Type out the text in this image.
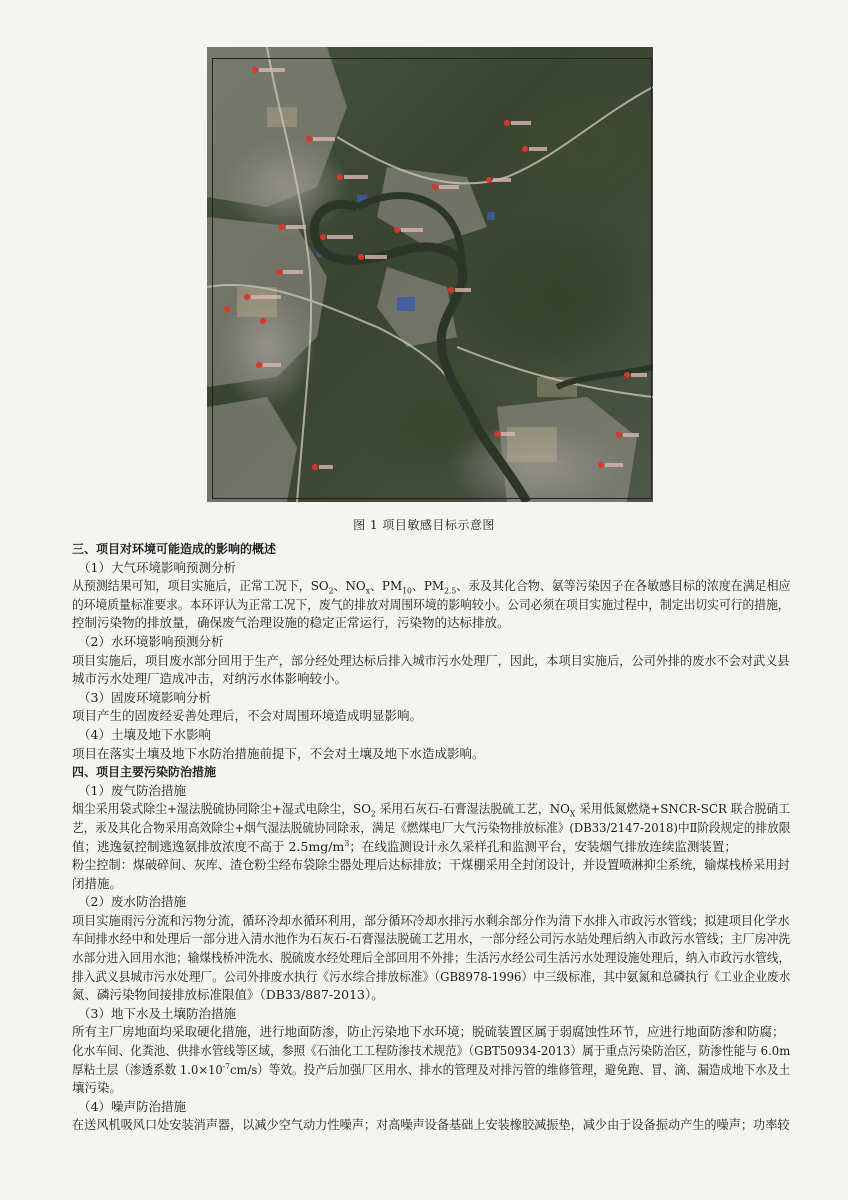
图 1 项目敏感目标示意图
三、项目对环境可能造成的影响的概述
（1）大气环境影响预测分析
从预测结果可知，项目实施后，正常工况下，$SO_2$、$NO_x$、$PM_{10}$、$PM_{2.5}$、汞及其化合物、氨等污染因子在各敏感目标的浓度在满足相应
的环境质量标准要求。本环评认为正常工况下，废气的排放对周围环境的影响较小。公司必须在项目实施过程中，制定出切实可行的措施，
控制污染物的排放量，确保废气治理设施的稳定正常运行，污染物的达标排放。
（2）水环境影响预测分析
项目实施后，项目废水部分回用于生产，部分经处理达标后排入城市污水处理厂，因此，本项目实施后，公司外排的废水不会对武义县
城市污水处理厂造成冲击，对纳污水体影响较小。
（3）固废环境影响分析
项目产生的固废经妥善处理后，不会对周围环境造成明显影响。
（4）土壤及地下水影响
项目在落实土壤及地下水防治措施前提下，不会对土壤及地下水造成影响。
四、项目主要污染防治措施
（1）废气防治措施
烟尘采用袋式除尘+湿法脱硫协同除尘+湿式电除尘，$SO_2$ 采用石灰石-石膏湿法脱硫工艺，$NO_X$ 采用低氮燃烧+SNCR-SCR 联合脱硝工
艺，汞及其化合物采用高效除尘+烟气湿法脱硫协同除汞，满足《燃煤电厂大气污染物排放标准》(DB33/2147-2018)中Ⅱ阶段规定的排放限
值；逃逸氨控制逃逸氨排放浓度不高于 $2.5mg/m^3$；在线监测设计永久采样孔和监测平台，安装烟气排放连续监测装置；
粉尘控制：煤破碎间、灰库、渣仓粉尘经布袋除尘器处理后达标排放；干煤棚采用全封闭设计，并设置喷淋抑尘系统，输煤栈桥采用封
闭措施。
（2）废水防治措施
项目实施雨污分流和污物分流，循环冷却水循环利用，部分循环冷却水排污水剩余部分作为清下水排入市政污水管线；拟建项目化学水
车间排水经中和处理后一部分进入清水池作为石灰石-石膏湿法脱硫工艺用水，一部分经公司污水站处理后纳入市政污水管线；主厂房冲洗
水部分进入回用水池；输煤栈桥冲洗水、脱硫废水经处理后全部回用不外排；生活污水经公司生活污水处理设施处理后，纳入市政污水管线，
排入武义县城市污水处理厂。公司外排废水执行《污水综合排放标准》（GB8978-1996）中三级标准，其中氨氮和总磷执行《工业企业废水
氮、磷污染物间接排放标准限值》（DB33/887-2013）。
（3）地下水及土壤防治措施
所有主厂房地面均采取硬化措施，进行地面防渗，防止污染地下水环境；脱硫装置区属于弱腐蚀性环节，应进行地面防渗和防腐；
化水车间、化粪池、供排水管线等区域，参照《石油化工工程防渗技术规范》（GBT50934-2013）属于重点污染防治区，防渗性能与 6.0m
厚粘土层（渗透系数 $1.0\times 10^{-7}cm/s$）等效。投产后加强厂区用水、排水的管理及对排污管的维修管理，避免跑、冒、滴、漏造成地下水及土
壤污染。
（4）噪声防治措施
在送风机吸风口处安装消声器，以减少空气动力性噪声；对高噪声设备基础上安装橡胶减振垫，减少由于设备振动产生的噪声；功率较
